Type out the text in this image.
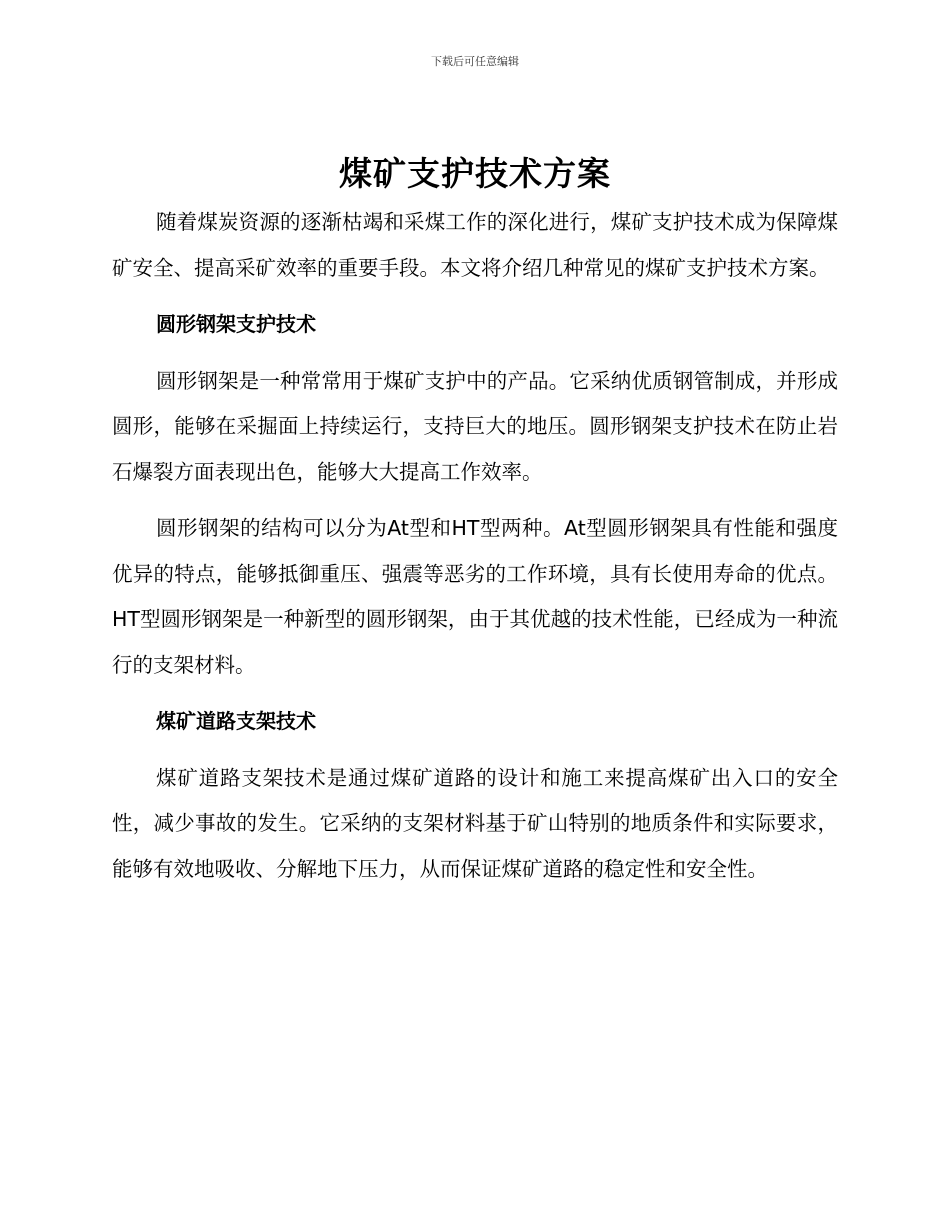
下载后可任意编辑
煤矿支护技术方案

随着煤炭资源的逐渐枯竭和采煤工作的深化进行，煤矿支护技术成为保障煤矿安全、提高采矿效率的重要手段。本文将介绍几种常见的煤矿支护技术方案。

圆形钢架支护技术

圆形钢架是一种常常用于煤矿支护中的产品。它采纳优质钢管制成，并形成圆形，能够在采掘面上持续运行，支持巨大的地压。圆形钢架支护技术在防止岩石爆裂方面表现出色，能够大大提高工作效率。

圆形钢架的结构可以分为At型和HT型两种。At型圆形钢架具有性能和强度优异的特点，能够抵御重压、强震等恶劣的工作环境，具有长使用寿命的优点。HT型圆形钢架是一种新型的圆形钢架，由于其优越的技术性能，已经成为一种流行的支架材料。

煤矿道路支架技术

煤矿道路支架技术是通过煤矿道路的设计和施工来提高煤矿出入口的安全性，减少事故的发生。它采纳的支架材料基于矿山特别的地质条件和实际要求，能够有效地吸收、分解地下压力，从而保证煤矿道路的稳定性和安全性。
